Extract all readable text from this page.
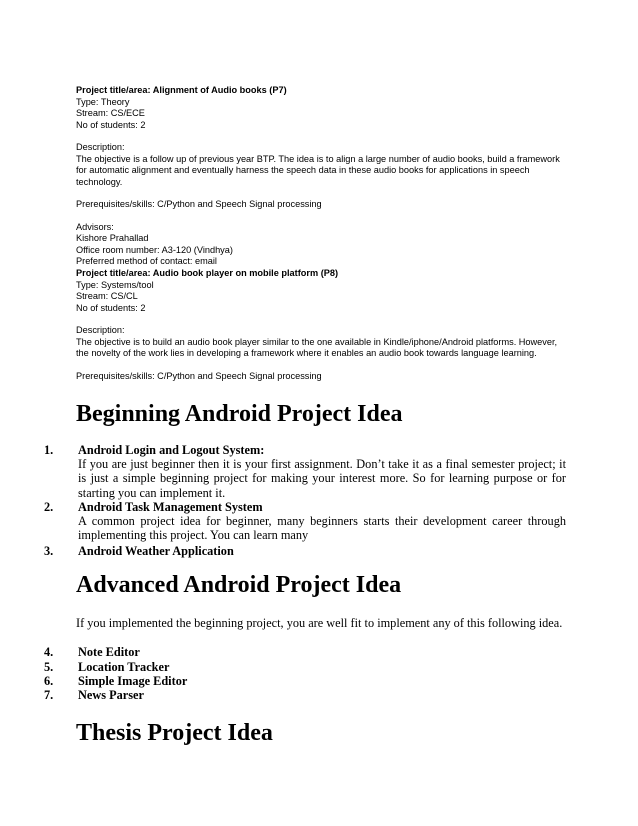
Project title/area: Alignment of Audio books (P7)
Type: Theory
Stream: CS/ECE
No of students: 2
Description:
The objective is a follow up of previous year BTP. The idea is to align a large number of audio books, build a framework for automatic alignment and eventually harness the speech data in these audio books for applications in speech technology.
Prerequisites/skills: C/Python and Speech Signal processing
Advisors:
Kishore Prahallad
Office room number: A3-120 (Vindhya)
Preferred method of contact: email
Project title/area: Audio book player on mobile platform (P8)
Type: Systems/tool
Stream: CS/CL
No of students: 2
Description:
The objective is to build an audio book player similar to the one available in Kindle/iphone/Android platforms. However, the novelty of the work lies in developing a framework where it enables an audio book towards language learning.
Prerequisites/skills: C/Python and Speech Signal processing
Beginning Android Project Idea
1.	Android Login and Logout System:
If you are just beginner then it is your first assignment. Don’t take it as a final semester project; it is just a simple beginning project for making your interest more. So for learning purpose or for starting you can implement it.
2.	Android Task Management System
A common project idea for beginner, many beginners starts their development career through implementing this project. You can learn many
3.	Android Weather Application
Advanced Android Project Idea
If you implemented the beginning project, you are well fit to implement any of this following idea.
4.	Note Editor
5.	Location Tracker
6.	Simple Image Editor
7.	News Parser
Thesis Project Idea
